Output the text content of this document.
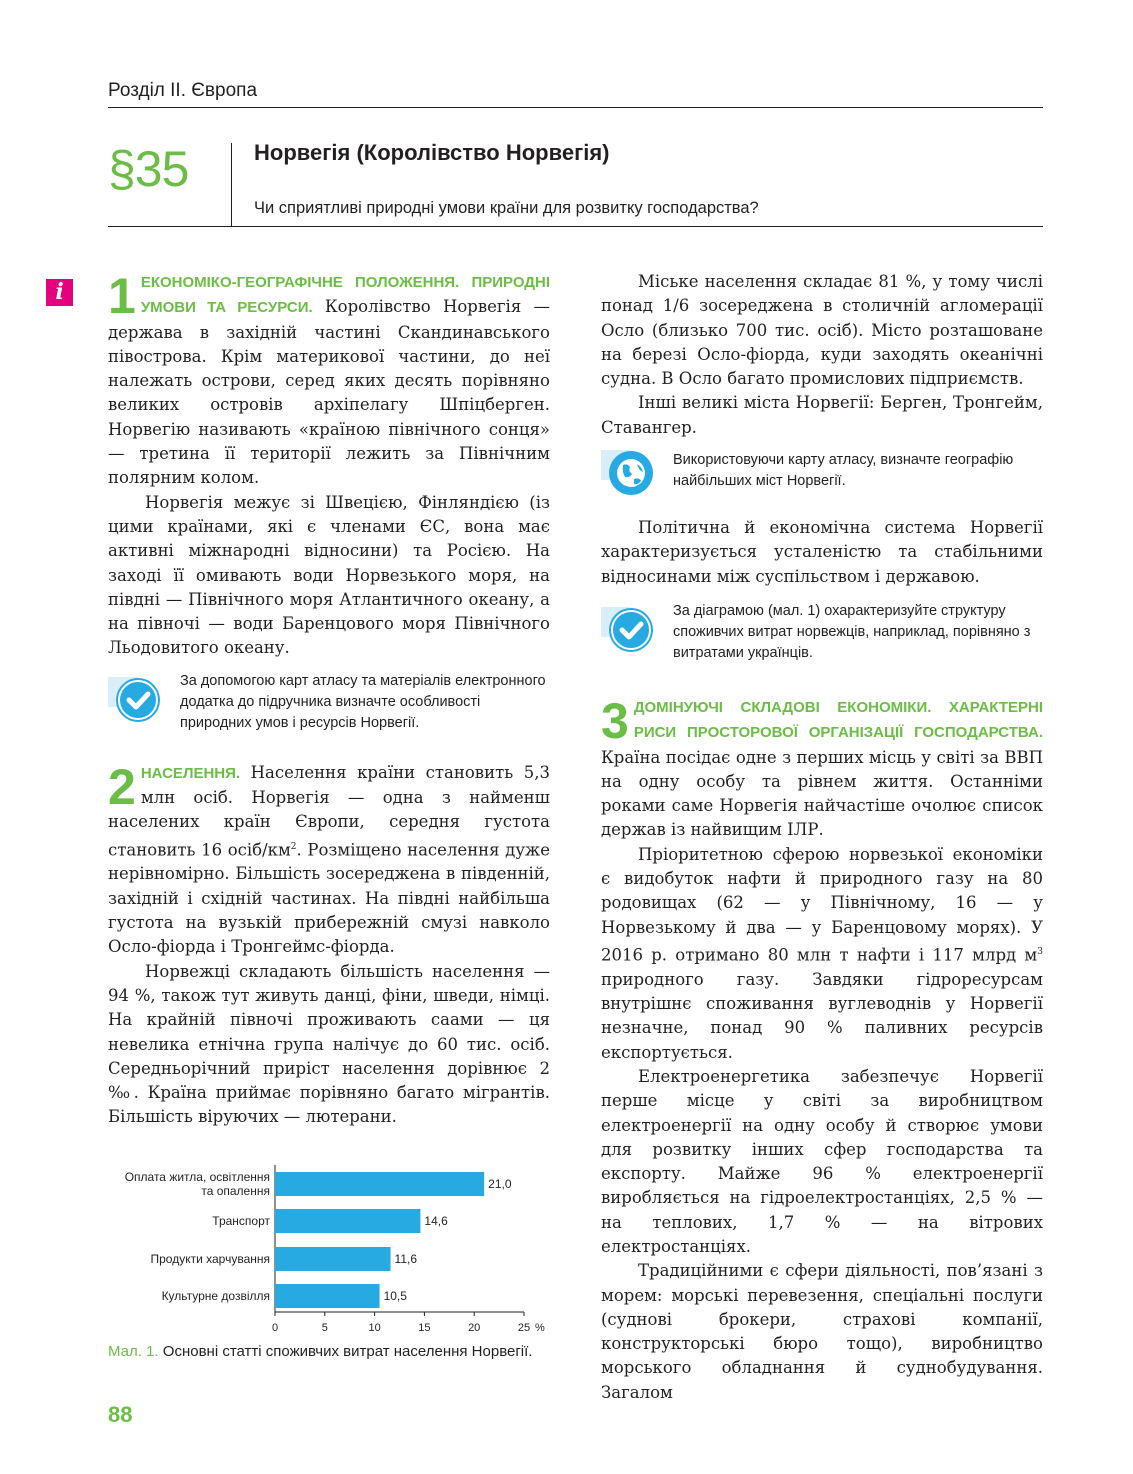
Розділ ІІ. Європа
§35	Норвегія (Королівство Норвегія)
Чи сприятливі природні умови країни для розвитку господарства?
i 1 ЕКОНОМІКО-ГЕОГРАФІЧНЕ ПОЛОЖЕННЯ. ПРИРОДНІ УМОВИ ТА РЕСУРСИ. Королівство Норвегія — держава в західній частині Скандинавського півострова. Крім материкової частини, до неї належать острови, серед яких десять порівняно великих островів архіпелагу Шпіцберген. Норвегію називають «країною північного сонця» — третина її території лежить за Північним полярним колом.

Норвегія межує зі Швецією, Фінляндією (із цими країнами, які є членами ЄС, вона має активні міжнародні відносини) та Росією. На заході її омивають води Норвезького моря, на півдні — Північного моря Атлантичного океану, а на півночі — води Баренцового моря Північного Льодовитого океану.

За допомогою карт атласу та матеріалів електронного додатка до підручника визначте особливості природних умов і ресурсів Норвегії.
2 НАСЕЛЕННЯ. Населення країни становить 5,3 млн осіб. Норвегія — одна з найменш населених країн Європи, середня густота становить 16 осіб/$км^2$. Розміщено населення дуже нерівномірно. Більшість зосереджена в південній, західній і східній частинах. На півдні найбільша густота на вузькій прибережній смузі навколо Осло-фіорда і Тронгеймс-фіорда.

Норвежці складають більшість населення — 94 %, також тут живуть данці, фіни, шведи, німці. На крайній півночі проживають саами — ця невелика етнічна група налічує до 60 тис. осіб. Середньорічний приріст населення дорівнює 2 ‰. Країна приймає порівняно багато мігрантів. Більшість віруючих — лютерани.

0	5	10	15	20	25 %
21,0
Оплата житла, освітлення
та опалення
14,6
Транспорт
11,6
Продукти харчування
10,5
Культурне дозвілля
Мал. 1. Основні статті споживчих витрат населення Норвегії.

Міське населення складає 81 %, у тому числі понад 1/6 зосереджена в столичній агломерації Осло (близько 700 тис. осіб). Місто розташоване на березі Осло-фіорда, куди заходять океанічні судна. В Осло багато промислових підприємств.

Інші великі міста Норвегії: Берген, Тронгейм, Ставангер.

Використовуючи карту атласу, визначте географію найбільших міст Норвегії.

Політична й економічна система Норвегії характеризується усталеністю та стабільними відносинами між суспільством і державою.

За діаграмою (мал. 1) охарактеризуйте структуру споживчих витрат норвежців, наприклад, порівняно з витратами українців.
3 ДОМІНУЮЧІ СКЛАДОВІ ЕКОНОМІКИ. ХАРАКТЕРНІ РИСИ ПРОСТОРОВОЇ ОРГАНІЗАЦІЇ ГОСПОДАРСТВА. Країна посідає одне з перших місць у світі за ВВП на одну особу та рівнем життя. Останніми роками саме Норвегія найчастіше очолює список держав із найвищим ІЛР.

Пріоритетною сферою норвезької економіки є видобуток нафти й природного газу на 80 родовищах (62 — у Північному, 16 — у Норвезькому й два — у Баренцовому морях). У 2016 р. отримано 80 млн т нафти і 117 млрд $м^3$ природного газу. Завдяки гідроресурсам внутрішнє споживання вуглеводнів у Норвегії незначне, понад 90 % паливних ресурсів експортується.

Електроенергетика забезпечує Норвегії перше місце у світі за виробництвом електроенергії на одну особу й створює умови для розвитку інших сфер господарства та експорту. Майже 96 % електроенергії виробляється на гідроелектростанціях, 2,5 % — на теплових, 1,7 % — на вітрових електростанціях.

Традиційними є сфери діяльності, пов’язані з морем: морські перевезення, спеціальні послуги (суднові брокери, страхові компанії, конструкторські бюро тощо), виробництво морського обладнання й суднобудування. Загалом

88
